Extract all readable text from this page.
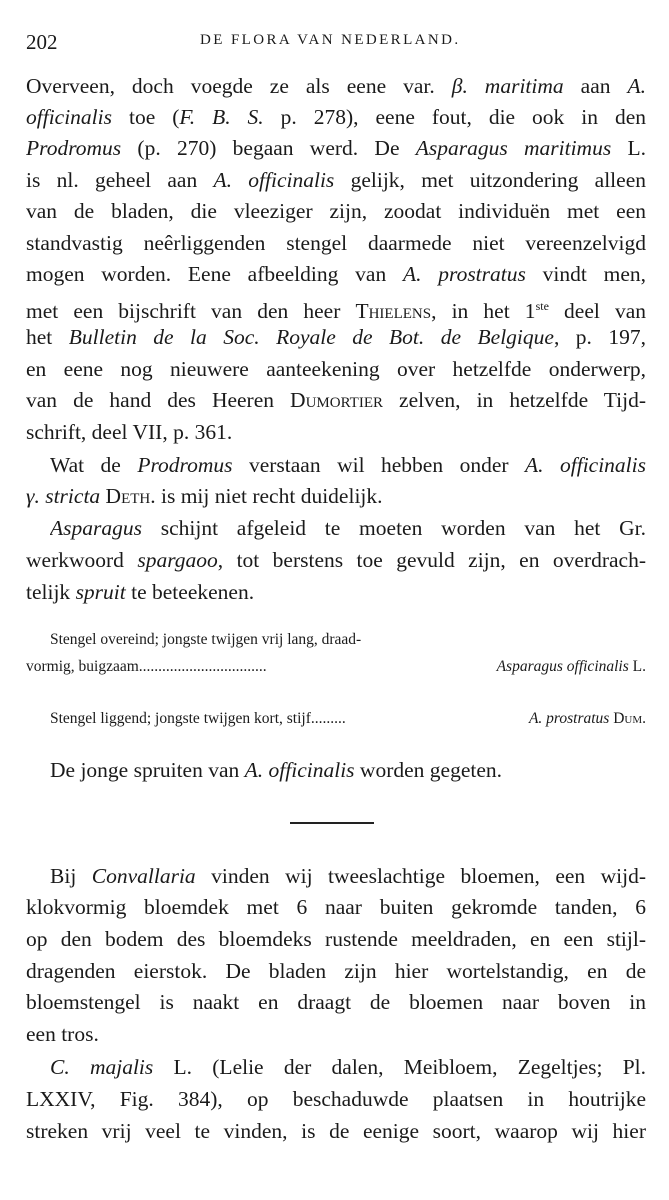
202	DE FLORA VAN NEDERLAND.
Overveen, doch voegde ze als eene var. β. maritima aan A.
officinalis toe (F. B. S. p. 278), eene fout, die ook in den
Prodromus (p. 270) begaan werd. De Asparagus maritimus L.
is nl. geheel aan A. officinalis gelijk, met uitzondering alleen
van de bladen, die vleeziger zijn, zoodat individuën met een
standvastig neêrliggenden stengel daarmede niet vereenzelvigd
mogen worden. Eene afbeelding van A. prostratus vindt men,
met een bijschrift van den heer Thielens, in het 1ste deel van
het Bulletin de la Soc. Royale de Bot. de Belgique, p. 197,
en eene nog nieuwere aanteekening over hetzelfde onderwerp,
van de hand des Heeren Dumortier zelven, in hetzelfde Tijd-
schrift, deel VII, p. 361.
Wat de Prodromus verstaan wil hebben onder A. officinalis
γ. stricta Deth. is mij niet recht duidelijk.
Asparagus schijnt afgeleid te moeten worden van het Gr.
werkwoord spargaoo, tot berstens toe gevuld zijn, en overdrach-
telijk spruit te beteekenen.
Stengel overeind; jongste twijgen vrij lang, draad-
vormig, buigzaam.................................	Asparagus officinalis L.
Stengel liggend; jongste twijgen kort, stijf.........	A. prostratus Dum.
De jonge spruiten van A. officinalis worden gegeten.
Bij Convallaria vinden wij tweeslachtige bloemen, een wijd-
klokvormig bloemdek met 6 naar buiten gekromde tanden, 6
op den bodem des bloemdeks rustende meeldraden, en een stijl-
dragenden eierstok. De bladen zijn hier wortelstandig, en de
bloemstengel is naakt en draagt de bloemen naar boven in
een tros.
C. majalis L. (Lelie der dalen, Meibloem, Zegeltjes; Pl.
LXXIV, Fig. 384), op beschaduwde plaatsen in houtrijke
streken vrij veel te vinden, is de eenige soort, waarop wij hier
